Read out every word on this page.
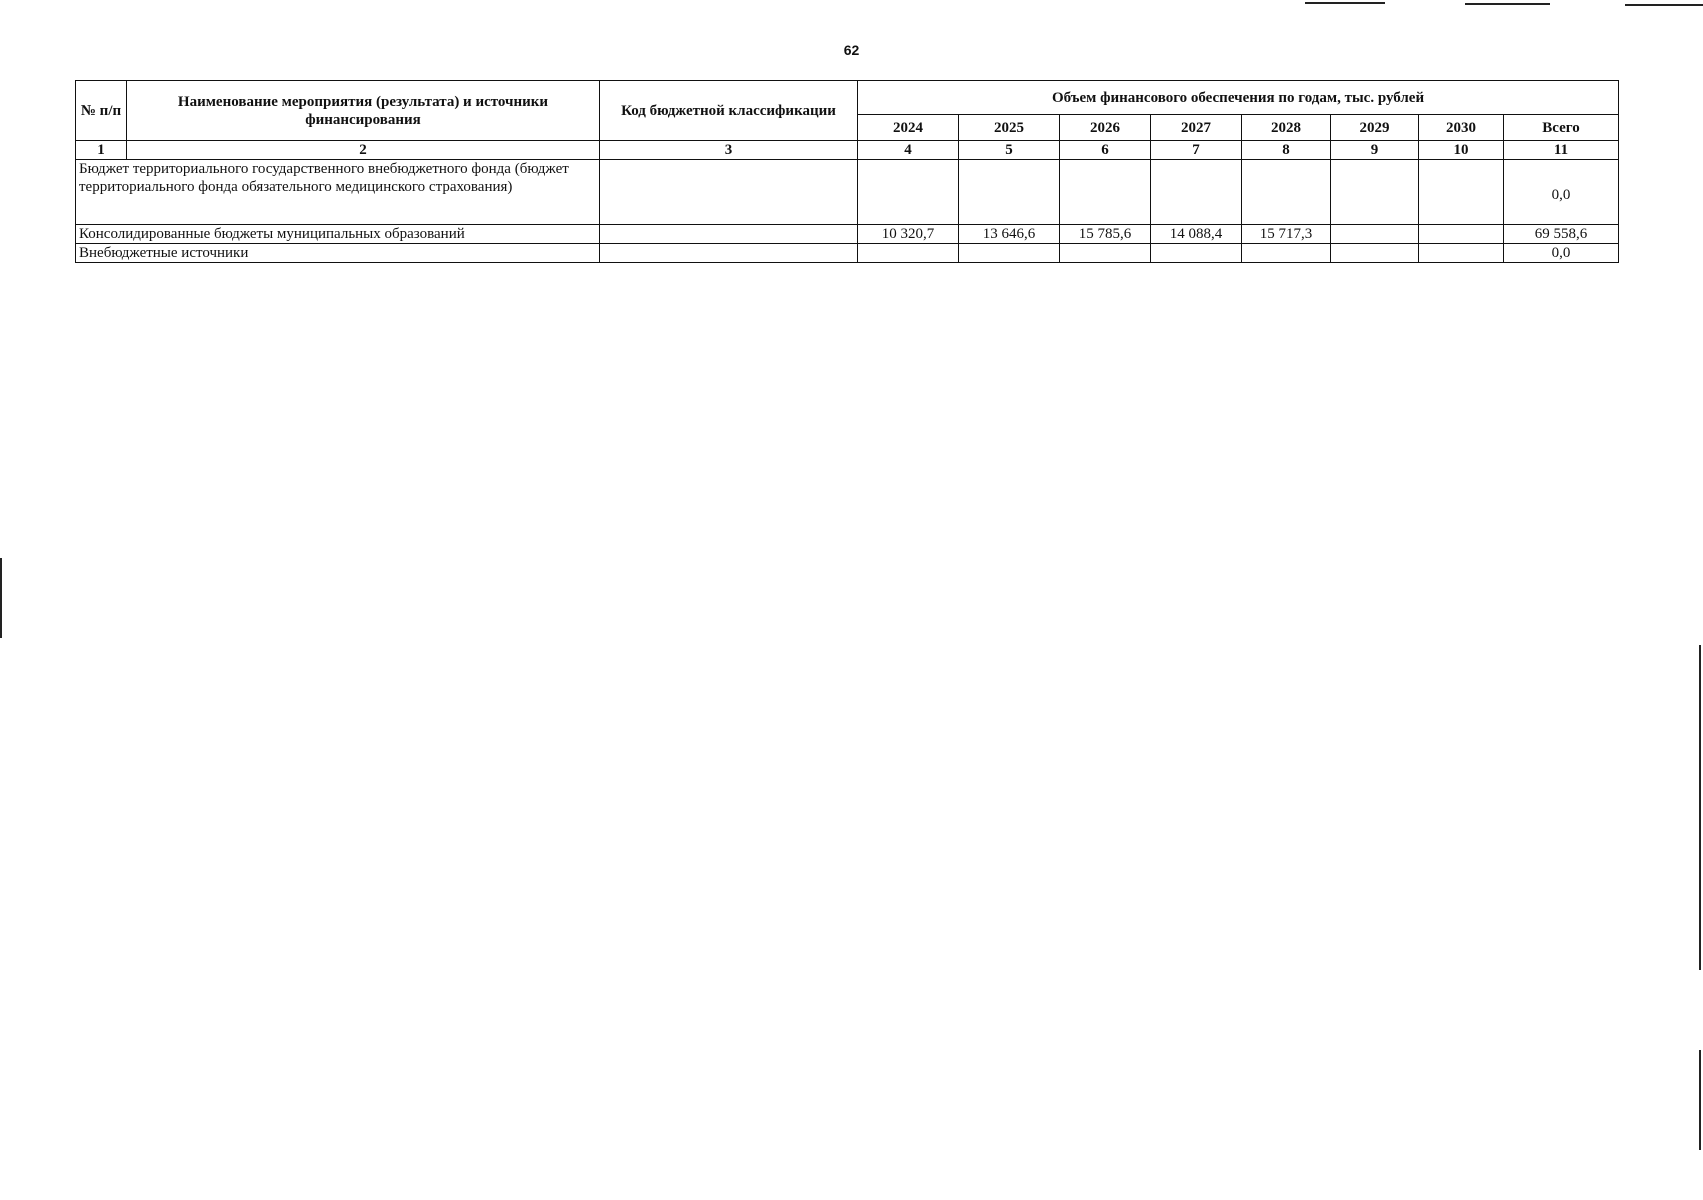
62
№ п/п	Наименование мероприятия (результата) и источники финансирования	Код бюджетной классификации	Объем финансового обеспечения по годам, тыс. рублей							
			2024	2025	2026	2027	2028	2029	2030	Всего
1	2	3	4	5	6	7	8	9	10	11
Бюджет территориального государственного внебюджетного фонда (бюджет территориального фонда обязательного медицинского страхования)										0,0
Консолидированные бюджеты муниципальных образований			10 320,7	13 646,6	15 785,6	14 088,4	15 717,3			69 558,6
Внебюджетные источники										0,0
